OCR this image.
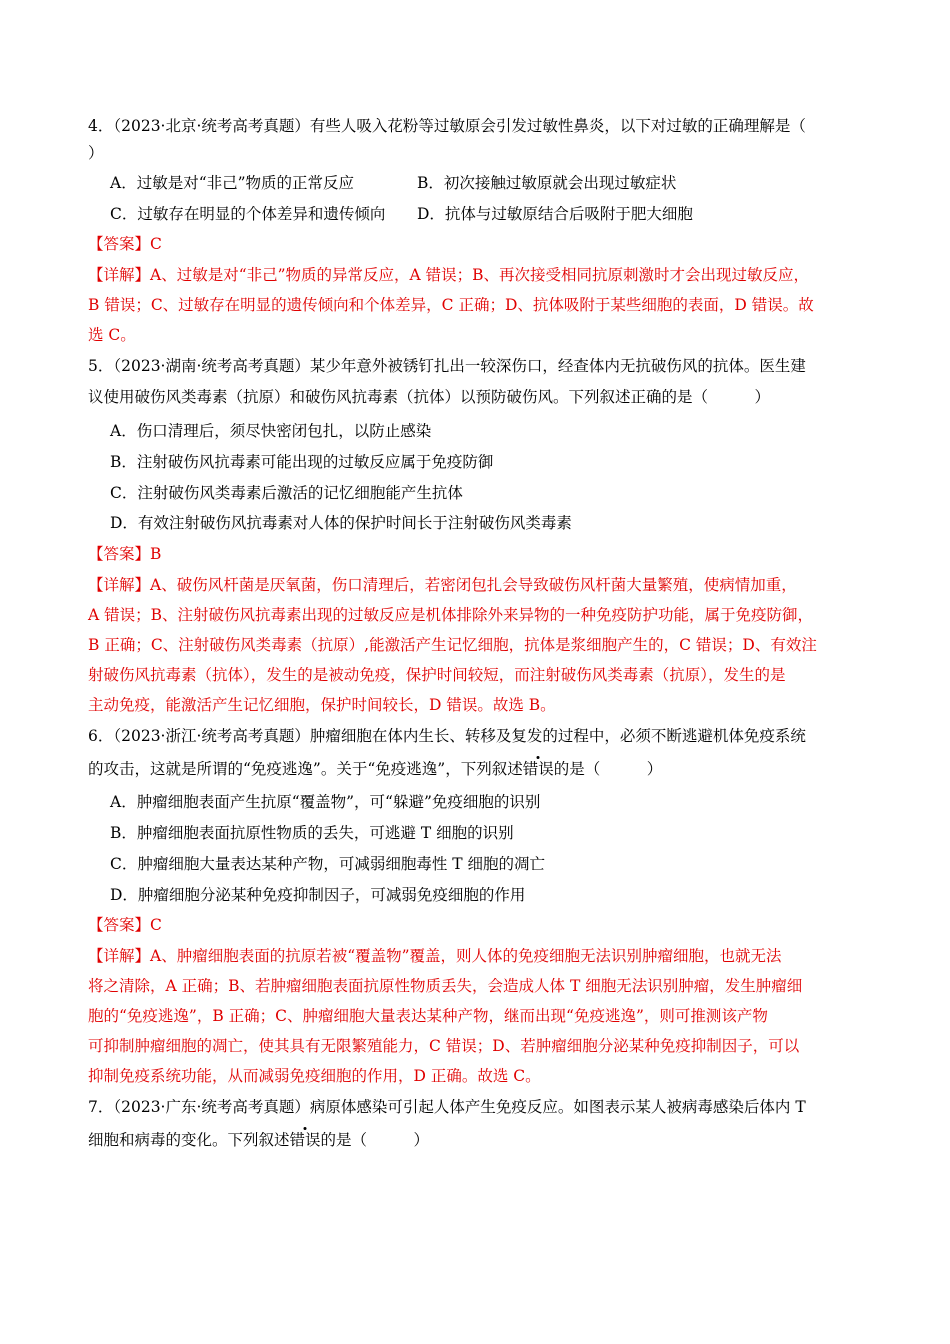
4．（2023·北京·统考高考真题）有些人吸入花粉等过敏原会引发过敏性鼻炎，以下对过敏的正确理解是（
）
A．过敏是对“非己”物质的正常反应	B．初次接触过敏原就会出现过敏症状
C．过敏存在明显的个体差异和遗传倾向 D．抗体与过敏原结合后吸附于肥大细胞
【答案】C
【详解】A、过敏是对“非己”物质的异常反应，A 错误；B、再次接受相同抗原刺激时才会出现过敏反应，
B 错误；C、过敏存在明显的遗传倾向和个体差异，C 正确；D、抗体吸附于某些细胞的表面，D 错误。故
选 C。
5．（2023·湖南·统考高考真题）某少年意外被锈钉扎出一较深伤口，经查体内无抗破伤风的抗体。医生建
议使用破伤风类毒素（抗原）和破伤风抗毒素（抗体）以预防破伤风。下列叙述正确的是（　　　）
A．伤口清理后，须尽快密闭包扎，以防止感染
B．注射破伤风抗毒素可能出现的过敏反应属于免疫防御
C．注射破伤风类毒素后激活的记忆细胞能产生抗体
D．有效注射破伤风抗毒素对人体的保护时间长于注射破伤风类毒素
【答案】B
【详解】A、破伤风杆菌是厌氧菌，伤口清理后，若密闭包扎会导致破伤风杆菌大量繁殖，使病情加重，
A 错误；B、注射破伤风抗毒素出现的过敏反应是机体排除外来异物的一种免疫防护功能，属于免疫防御，
B 正确；C、注射破伤风类毒素（抗原）,能激活产生记忆细胞，抗体是浆细胞产生的，C 错误；D、有效注
射破伤风抗毒素（抗体），发生的是被动免疫，保护时间较短，而注射破伤风类毒素（抗原），发生的是
主动免疫，能激活产生记忆细胞，保护时间较长，D 错误。故选 B。
6．（2023·浙江·统考高考真题）肿瘤细胞在体内生长、转移及复发的过程中，必须不断逃避机体免疫系统
的攻击，这就是所谓的“免疫逃逸”。关于“免疫逃逸”，下列叙述错误的是（　　　）
A．肿瘤细胞表面产生抗原“覆盖物”，可“躲避”免疫细胞的识别
B．肿瘤细胞表面抗原性物质的丢失，可逃避 T 细胞的识别
C．肿瘤细胞大量表达某种产物，可减弱细胞毒性 T 细胞的凋亡
D．肿瘤细胞分泌某种免疫抑制因子，可减弱免疫细胞的作用
【答案】C
【详解】A、肿瘤细胞表面的抗原若被“覆盖物”覆盖，则人体的免疫细胞无法识别肿瘤细胞，也就无法
将之清除，A 正确；B、若肿瘤细胞表面抗原性物质丢失，会造成人体 T 细胞无法识别肿瘤，发生肿瘤细
胞的“免疫逃逸”，B 正确；C、肿瘤细胞大量表达某种产物，继而出现“免疫逃逸”，则可推测该产物
可抑制肿瘤细胞的凋亡，使其具有无限繁殖能力，C 错误；D、若肿瘤细胞分泌某种免疫抑制因子，可以
抑制免疫系统功能，从而减弱免疫细胞的作用，D 正确。故选 C。
7．（2023·广东·统考高考真题）病原体感染可引起人体产生免疫反应。如图表示某人被病毒感染后体内 T
细胞和病毒的变化。下列叙述错误的是（　　　）
